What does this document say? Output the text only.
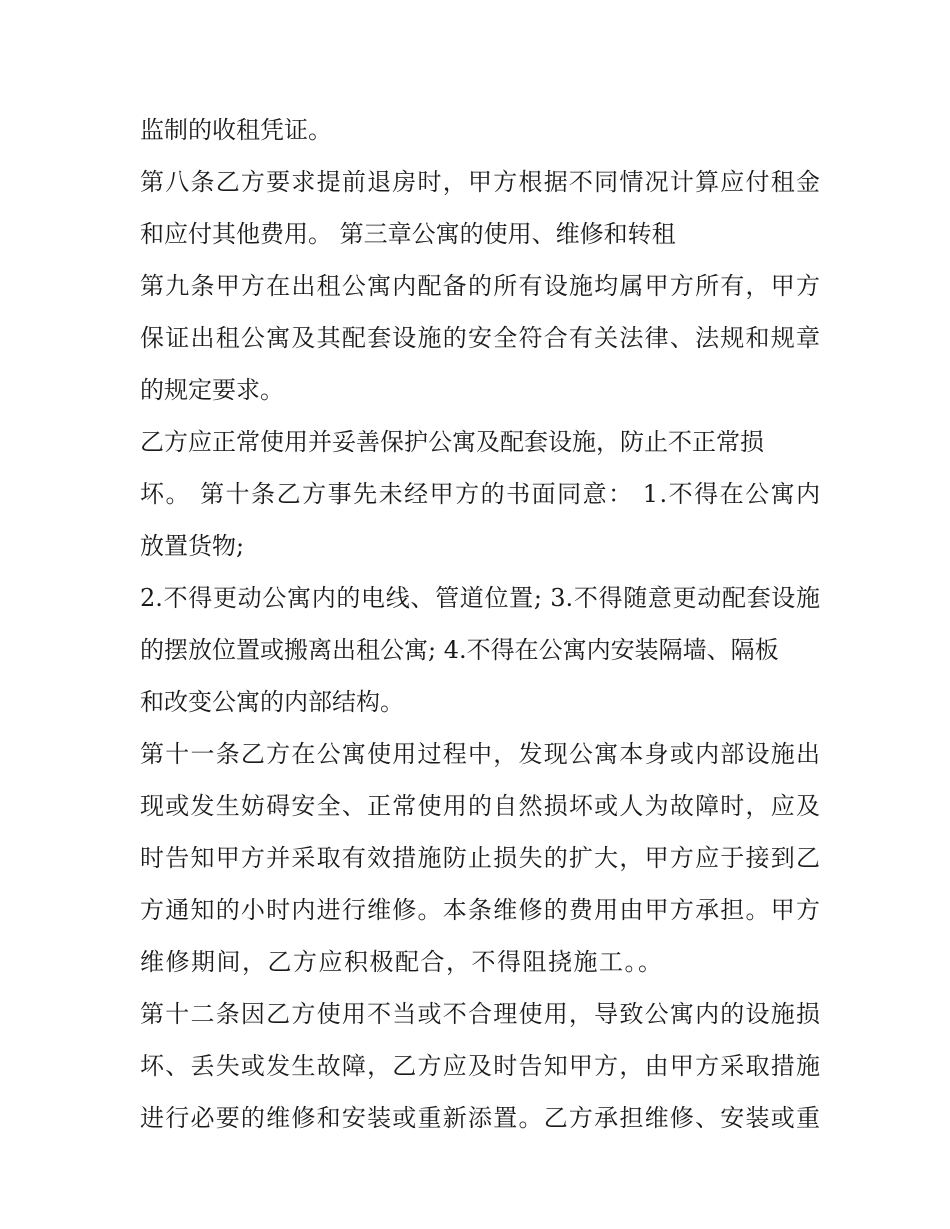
监制的收租凭证。
第八条乙方要求提前退房时，甲方根据不同情况计算应付租金
和应付其他费用。 第三章公寓的使用、维修和转租
第九条甲方在出租公寓内配备的所有设施均属甲方所有，甲方
保证出租公寓及其配套设施的安全符合有关法律、法规和规章
的规定要求。
乙方应正常使用并妥善保护公寓及配套设施，防止不正常损
坏。 第十条乙方事先未经甲方的书面同意： 1.不得在公寓内
放置货物;
2.不得更动公寓内的电线、管道位置; 3.不得随意更动配套设施
的摆放位置或搬离出租公寓; 4.不得在公寓内安装隔墙、隔板
和改变公寓的内部结构。
第十一条乙方在公寓使用过程中，发现公寓本身或内部设施出
现或发生妨碍安全、正常使用的自然损坏或人为故障时，应及
时告知甲方并采取有效措施防止损失的扩大，甲方应于接到乙
方通知的小时内进行维修。本条维修的费用由甲方承担。甲方
维修期间，乙方应积极配合，不得阻挠施工。。
第十二条因乙方使用不当或不合理使用，导致公寓内的设施损
坏、丢失或发生故障，乙方应及时告知甲方，由甲方采取措施
进行必要的维修和安装或重新添置。乙方承担维修、安装或重
